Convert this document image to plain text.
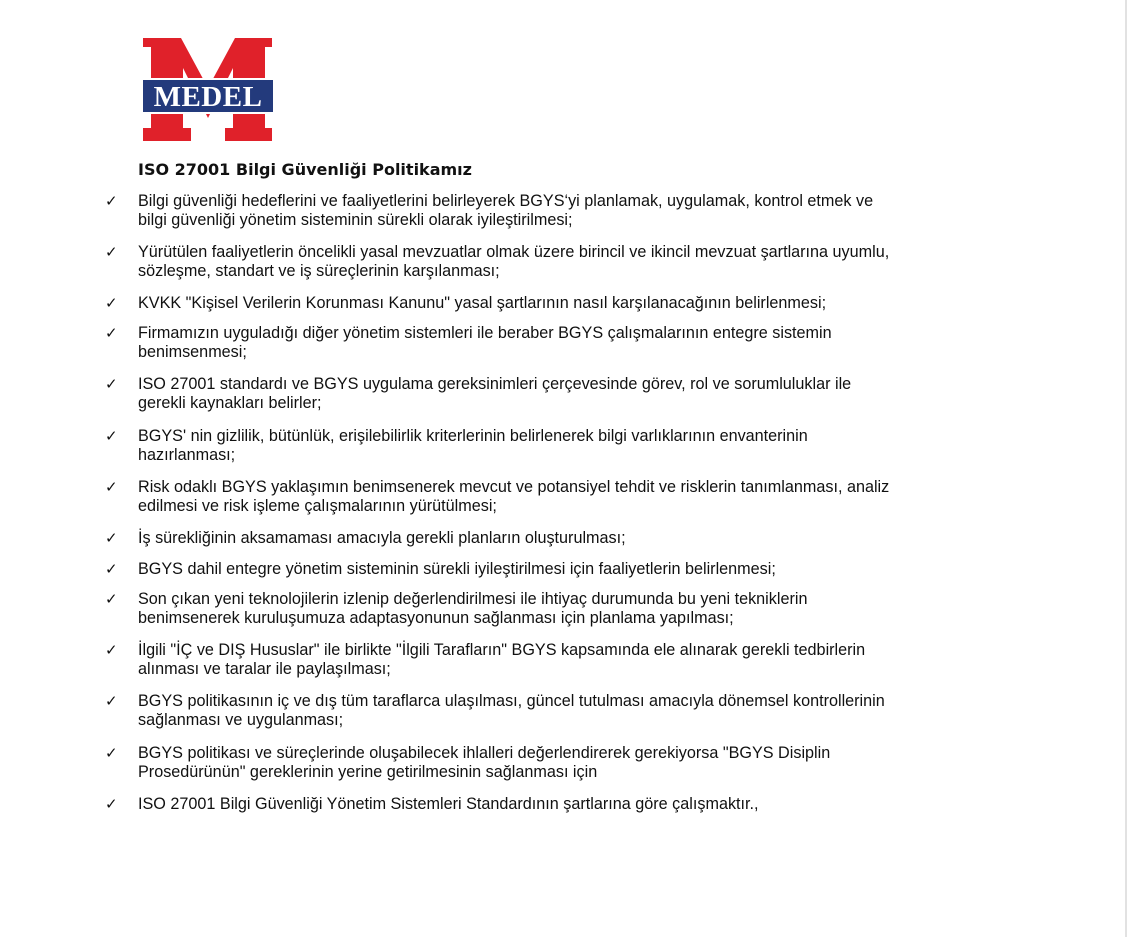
MEDEL
ISO 27001 Bilgi Güvenliği Politikamız
✓	Bilgi güvenliği hedeflerini ve faaliyetlerini belirleyerek BGYS‘yi planlamak, uygulamak, kontrol etmek ve
bilgi güvenliği yönetim sisteminin sürekli olarak iyileştirilmesi;
✓	Yürütülen faaliyetlerin öncelikli yasal mevzuatlar olmak üzere birincil ve ikincil mevzuat şartlarına uyumlu,
sözleşme, standart ve iş süreçlerinin karşılanması;
✓	KVKK "Kişisel Verilerin Korunması Kanunu" yasal şartlarının nasıl karşılanacağının belirlenmesi;
✓	Firmamızın uyguladığı diğer yönetim sistemleri ile beraber BGYS çalışmalarının entegre sistemin
benimsenmesi;
✓	ISO 27001 standardı ve BGYS uygulama gereksinimleri çerçevesinde görev, rol ve sorumluluklar ile
gerekli kaynakları belirler;
✓	BGYS' nin gizlilik, bütünlük, erişilebilirlik kriterlerinin belirlenerek bilgi varlıklarının envanterinin
hazırlanması;
✓	Risk odaklı BGYS yaklaşımın benimsenerek mevcut ve potansiyel tehdit ve risklerin tanımlanması, analiz
edilmesi ve risk işleme çalışmalarının yürütülmesi;
✓	İş sürekliğinin aksamaması amacıyla gerekli planların oluşturulması;
✓	BGYS dahil entegre yönetim sisteminin sürekli iyileştirilmesi için faaliyetlerin belirlenmesi;
✓	Son çıkan yeni teknolojilerin izlenip değerlendirilmesi ile ihtiyaç durumunda bu yeni tekniklerin
benimsenerek kuruluşumuza adaptasyonunun sağlanması için planlama yapılması;
✓	İlgili "İÇ ve DIŞ Hususlar" ile birlikte "İlgili Tarafların" BGYS kapsamında ele alınarak gerekli tedbirlerin
alınması ve taralar ile paylaşılması;
✓	BGYS politikasının iç ve dış tüm taraflarca ulaşılması, güncel tutulması amacıyla dönemsel kontrollerinin
sağlanması ve uygulanması;
✓	BGYS politikası ve süreçlerinde oluşabilecek ihlalleri değerlendirerek gerekiyorsa "BGYS Disiplin
Prosedürünün" gereklerinin yerine getirilmesinin sağlanması için
✓	ISO 27001 Bilgi Güvenliği Yönetim Sistemleri Standardının şartlarına göre çalışmaktır.,
